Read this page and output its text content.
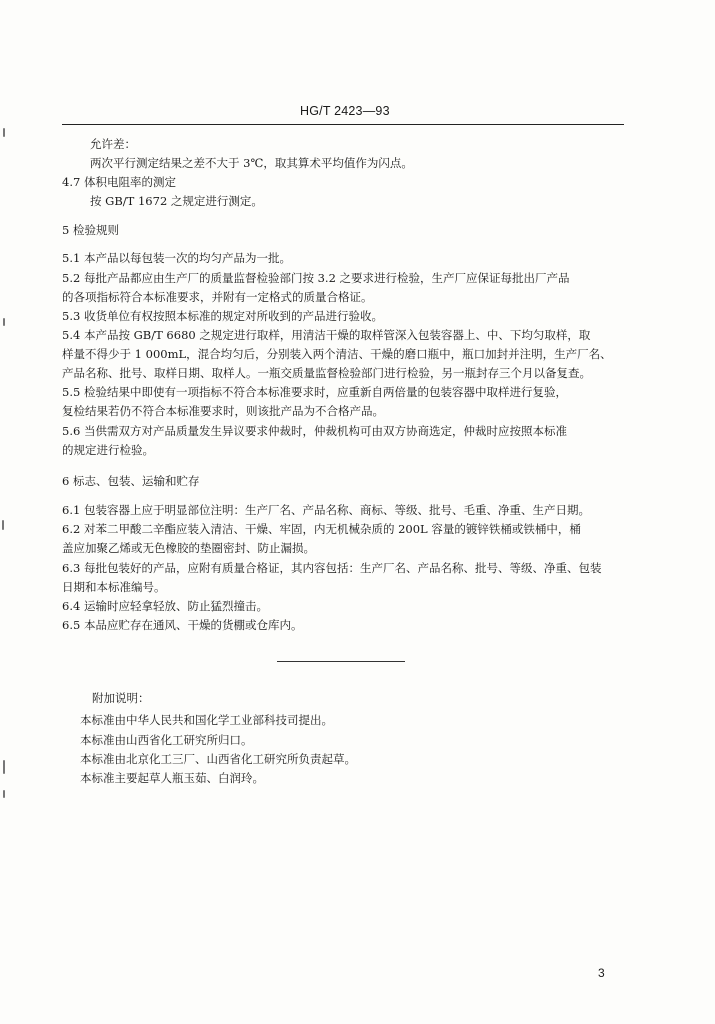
HG/T 2423—93
允许差：
两次平行测定结果之差不大于 3℃，取其算术平均值作为闪点。
4.7 体积电阻率的测定
按 GB/T 1672 之规定进行测定。
5 检验规则
5.1 本产品以每包装一次的均匀产品为一批。
5.2 每批产品都应由生产厂的质量监督检验部门按 3.2 之要求进行检验，生产厂应保证每批出厂产品
的各项指标符合本标准要求，并附有一定格式的质量合格证。
5.3 收货单位有权按照本标准的规定对所收到的产品进行验收。
5.4 本产品按 GB/T 6680 之规定进行取样，用清洁干燥的取样管深入包装容器上、中、下均匀取样，取
样量不得少于 1 000mL，混合均匀后，分别装入两个清洁、干燥的磨口瓶中，瓶口加封并注明，生产厂名、
产品名称、批号、取样日期、取样人。一瓶交质量监督检验部门进行检验，另一瓶封存三个月以备复查。
5.5 检验结果中即使有一项指标不符合本标准要求时，应重新自两倍量的包装容器中取样进行复验，
复检结果若仍不符合本标准要求时，则该批产品为不合格产品。
5.6 当供需双方对产品质量发生异议要求仲裁时，仲裁机构可由双方协商选定，仲裁时应按照本标准
的规定进行检验。
6 标志、包装、运输和贮存
6.1 包装容器上应于明显部位注明：生产厂名、产品名称、商标、等级、批号、毛重、净重、生产日期。
6.2 对苯二甲酸二辛酯应装入清洁、干燥、牢固，内无机械杂质的 200L 容量的镀锌铁桶或铁桶中，桶
盖应加聚乙烯或无色橡胶的垫圈密封、防止漏损。
6.3 每批包装好的产品，应附有质量合格证，其内容包括：生产厂名、产品名称、批号、等级、净重、包装
日期和本标准编号。
6.4 运输时应轻拿轻放、防止猛烈撞击。
6.5 本品应贮存在通风、干燥的货棚或仓库内。
附加说明：
本标准由中华人民共和国化学工业部科技司提出。
本标准由山西省化工研究所归口。
本标准由北京化工三厂、山西省化工研究所负责起草。
本标准主要起草人瓶玉茹、白润玲。
3
